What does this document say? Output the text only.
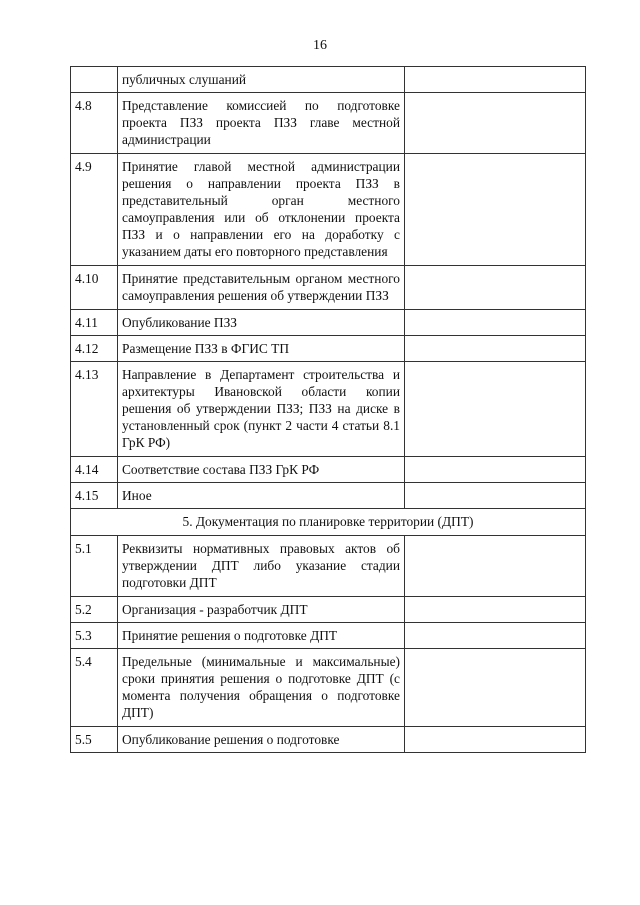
16
	публичных слушаний	
4.8	Представление комиссией по подготовке проекта ПЗЗ проекта ПЗЗ главе местной администрации	
4.9	Принятие главой местной администрации решения о направлении проекта ПЗЗ в представительный орган местного самоуправления или об отклонении проекта ПЗЗ и о направлении его на доработку с указанием даты его повторного представления	
4.10	Принятие представительным органом местного самоуправления решения об утверждении ПЗЗ	
4.11	Опубликование ПЗЗ	
4.12	Размещение ПЗЗ в ФГИС ТП	
4.13	Направление в Департамент строительства и архитектуры Ивановской области копии решения об утверждении ПЗЗ; ПЗЗ на диске в установленный срок (пункт 2 части 4 статьи 8.1 ГрК РФ)	
4.14	Соответствие состава ПЗЗ ГрК РФ	
4.15	Иное	
5. Документация по планировке территории (ДПТ)		
5.1	Реквизиты нормативных правовых актов об утверждении ДПТ либо указание стадии подготовки ДПТ	
5.2	Организация - разработчик ДПТ	
5.3	Принятие решения о подготовке ДПТ	
5.4	Предельные (минимальные и максимальные) сроки принятия решения о подготовке ДПТ (с момента получения обращения о подготовке ДПТ)	
5.5	Опубликование решения о подготовке	
